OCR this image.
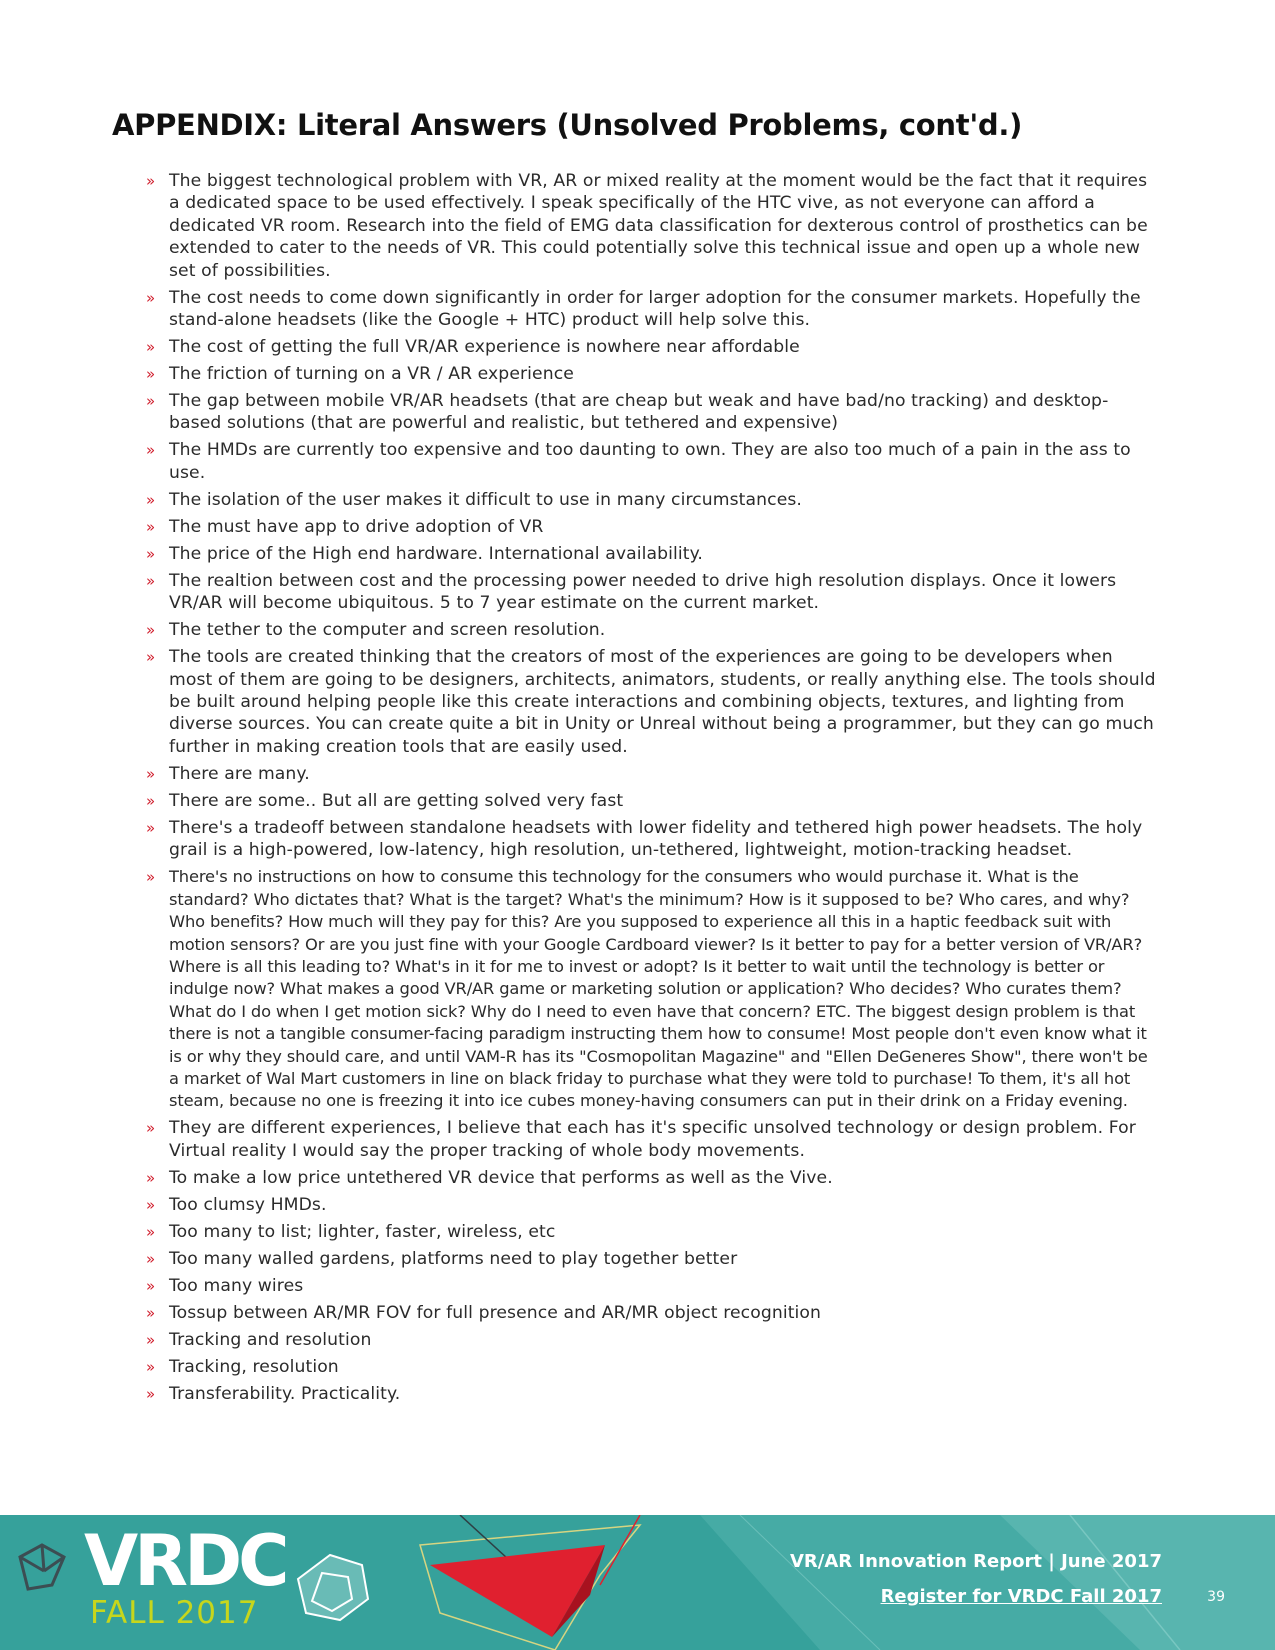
APPENDIX: Literal Answers (Unsolved Problems, cont'd.)
» The biggest technological problem with VR, AR or mixed reality at the moment would be the fact that it requires a dedicated space to be used effectively. I speak specifically of the HTC vive, as not everyone can afford a dedicated VR room. Research into the field of EMG data classification for dexterous control of prosthetics can be extended to cater to the needs of VR. This could potentially solve this technical issue and open up a whole new set of possibilities.
» The cost needs to come down significantly in order for larger adoption for the consumer markets. Hopefully the stand-alone headsets (like the Google + HTC) product will help solve this.
» The cost of getting the full VR/AR experience is nowhere near affordable
» The friction of turning on a VR / AR experience
» The gap between mobile VR/AR headsets (that are cheap but weak and have bad/no tracking) and desktop-based solutions (that are powerful and realistic, but tethered and expensive)
» The HMDs are currently too expensive and too daunting to own. They are also too much of a pain in the ass to use.
» The isolation of the user makes it difficult to use in many circumstances.
» The must have app to drive adoption of VR
» The price of the High end hardware. International availability.
» The realtion between cost and the processing power needed to drive high resolution displays. Once it lowers VR/AR will become ubiquitous. 5 to 7 year estimate on the current market.
» The tether to the computer and screen resolution.
» The tools are created thinking that the creators of most of the experiences are going to be developers when most of them are going to be designers, architects, animators, students, or really anything else. The tools should be built around helping people like this create interactions and combining objects, textures, and lighting from diverse sources. You can create quite a bit in Unity or Unreal without being a programmer, but they can go much further in making creation tools that are easily used.
» There are many.
» There are some.. But all are getting solved very fast
» There's a tradeoff between standalone headsets with lower fidelity and tethered high power headsets. The holy grail is a high-powered, low-latency, high resolution, un-tethered, lightweight, motion-tracking headset.
» There's no instructions on how to consume this technology for the consumers who would purchase it. What is the standard? Who dictates that? What is the target? What's the minimum? How is it supposed to be? Who cares, and why? Who benefits? How much will they pay for this? Are you supposed to experience all this in a haptic feedback suit with motion sensors? Or are you just fine with your Google Cardboard viewer? Is it better to pay for a better version of VR/AR? Where is all this leading to? What's in it for me to invest or adopt? Is it better to wait until the technology is better or indulge now? What makes a good VR/AR game or marketing solution or application? Who decides? Who curates them? What do I do when I get motion sick? Why do I need to even have that concern? ETC. The biggest design problem is that there is not a tangible consumer-facing paradigm instructing them how to consume! Most people don't even know what it is or why they should care, and until VAM-R has its "Cosmopolitan Magazine" and "Ellen DeGeneres Show", there won't be a market of Wal Mart customers in line on black friday to purchase what they were told to purchase! To them, it's all hot steam, because no one is freezing it into ice cubes money-having consumers can put in their drink on a Friday evening.
» They are different experiences, I believe that each has it's specific unsolved technology or design problem. For Virtual reality I would say the proper tracking of whole body movements.
» To make a low price untethered VR device that performs as well as the Vive.
» Too clumsy HMDs.
» Too many to list; lighter, faster, wireless, etc
» Too many walled gardens, platforms need to play together better
» Too many wires
» Tossup between AR/MR FOV for full presence and AR/MR object recognition
» Tracking and resolution
» Tracking, resolution
» Transferability. Practicality.
VRDC
FALL 2017
VR/AR Innovation Report | June 2017
Register for VRDC Fall 2017	39
